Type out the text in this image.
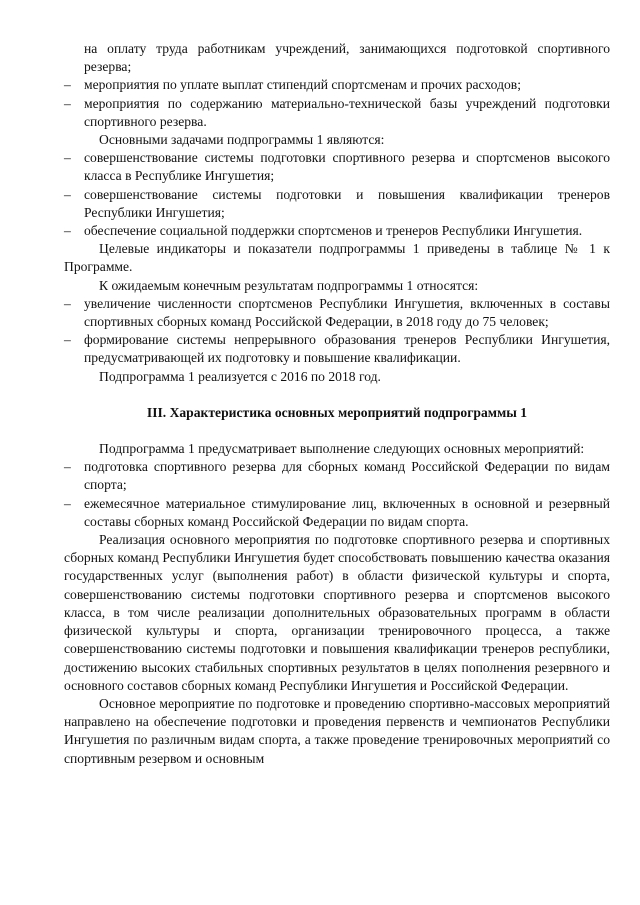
на оплату труда работникам учреждений, занимающихся подготовкой спортивного резерва;

– мероприятия по уплате выплат стипендий спортсменам и прочих расходов;
– мероприятия по содержанию материально-технической базы учреждений подготовки спортивного резерва.

Основными задачами подпрограммы 1 являются:

– совершенствование системы подготовки спортивного резерва и спортсменов высокого класса в Республике Ингушетия;
– совершенствование системы подготовки и повышения квалификации тренеров Республики Ингушетия;
– обеспечение социальной поддержки спортсменов и тренеров Республики Ингушетия.

Целевые индикаторы и показатели подпрограммы 1 приведены в таблице № 1 к Программе.

К ожидаемым конечным результатам подпрограммы 1 относятся:

– увеличение численности спортсменов Республики Ингушетия, включенных в составы спортивных сборных команд Российской Федерации, в 2018 году до 75 человек;
– формирование системы непрерывного образования тренеров Республики Ингушетия, предусматривающей их подготовку и повышение квалификации.

Подпрограмма 1 реализуется с 2016 по 2018 год.

III. Характеристика основных мероприятий подпрограммы 1

Подпрограмма 1 предусматривает выполнение следующих основных мероприятий:

– подготовка спортивного резерва для сборных команд Российской Федерации по видам спорта;
– ежемесячное материальное стимулирование лиц, включенных в основной и резервный составы сборных команд Российской Федерации по видам спорта.

Реализация основного мероприятия по подготовке спортивного резерва и спортивных сборных команд Республики Ингушетия будет способствовать повышению качества оказания государственных услуг (выполнения работ) в области физической культуры и спорта, совершенствованию системы подготовки спортивного резерва и спортсменов высокого класса, в том числе реализации дополнительных образовательных программ в области физической культуры и спорта, организации тренировочного процесса, а также совершенствованию системы подготовки и повышения квалификации тренеров республики, достижению высоких стабильных спортивных результатов в целях пополнения резервного и основного составов сборных команд Республики Ингушетия и Российской Федерации.

Основное мероприятие по подготовке и проведению спортивно-массовых мероприятий направлено на обеспечение подготовки и проведения первенств и чемпионатов Республики Ингушетия по различным видам спорта, а также проведение тренировочных мероприятий со спортивным резервом и основным
